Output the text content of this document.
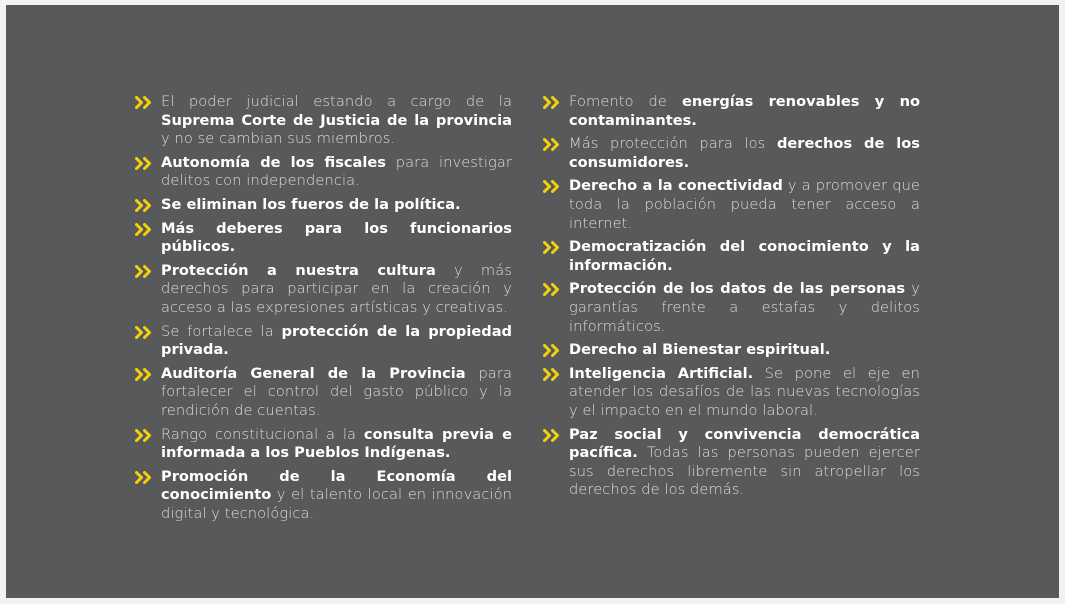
El poder judicial estando a cargo de la Suprema Corte de Justicia de la provincia y no se cambian sus miembros.
Autonomía de los fiscales para investigar delitos con independencia.
Se eliminan los fueros de la política.
Más deberes para los funcionarios públicos.
Protección a nuestra cultura y más derechos para participar en la creación y acceso a las expresiones artísticas y creativas.
Se fortalece la protección de la propiedad privada.
Auditoría General de la Provincia para fortalecer el control del gasto público y la rendición de cuentas.
Rango constitucional a la consulta previa e informada a los Pueblos Indígenas.
Promoción de la Economía del conocimiento y el talento local en innovación digital y tecnológica.
Fomento de energías renovables y no contaminantes.
Más protección para los derechos de los consumidores.
Derecho a la conectividad y a promover que toda la población pueda tener acceso a internet.
Democratización del conocimiento y la información.
Protección de los datos de las personas y garantías frente a estafas y delitos informáticos.
Derecho al Bienestar espiritual.
Inteligencia Artificial. Se pone el eje en atender los desafíos de las nuevas tecnologías y el impacto en el mundo laboral.
Paz social y convivencia democrática pacífica. Todas las personas pueden ejercer sus derechos libremente sin atropellar los derechos de los demás.
